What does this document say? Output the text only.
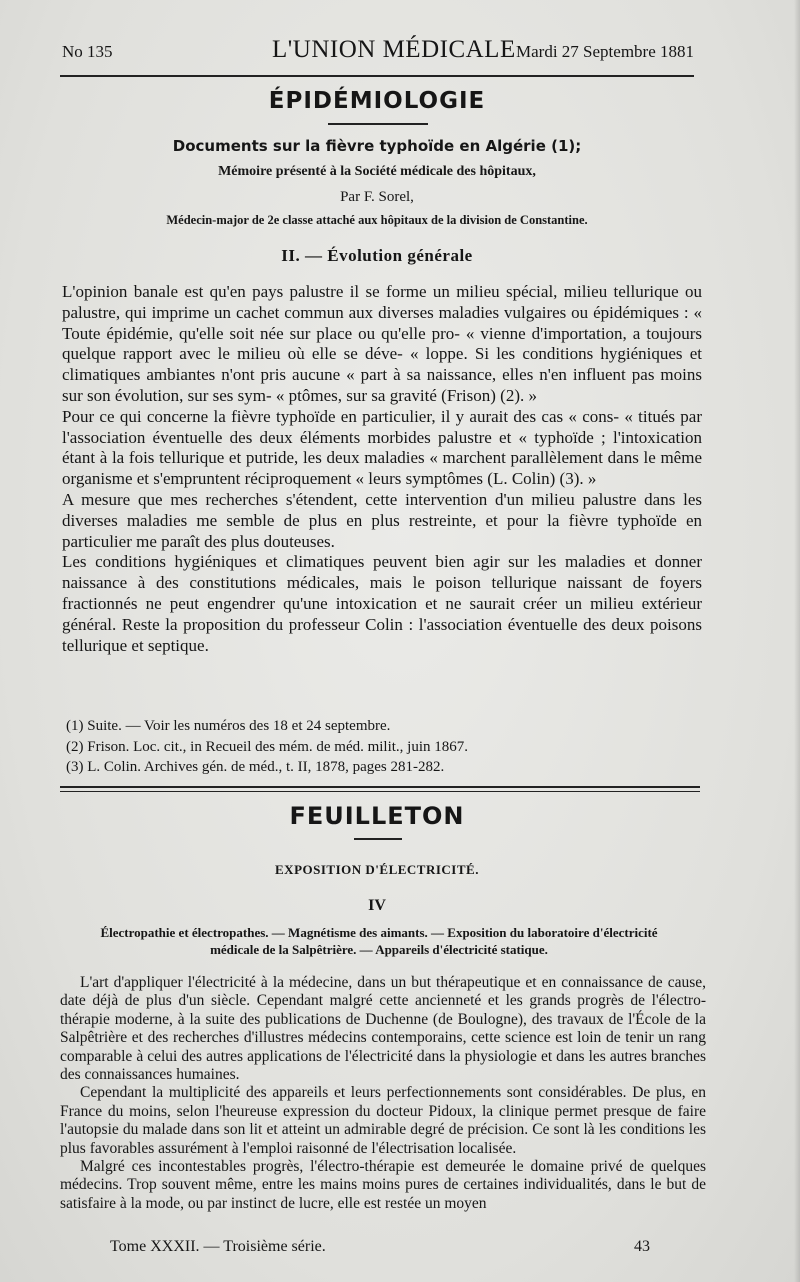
No 135	L'UNION MÉDICALE Mardi 27 Septembre 1881
ÉPIDÉMIOLOGIE
Documents sur la fièvre typhoïde en Algérie (1);
Mémoire présenté à la Société médicale des hôpitaux,
Par F. Sorel,
Médecin-major de 2e classe attaché aux hôpitaux de la division de Constantine.
II. — Évolution générale

L'opinion banale est qu'en pays palustre il se forme un milieu spécial, milieu tellurique ou palustre, qui imprime un cachet commun aux diverses maladies vulgaires ou épidémiques : « Toute épidémie, qu'elle soit née sur place ou qu'elle pro- « vienne d'importation, a toujours quelque rapport avec le milieu où elle se déve- « loppe. Si les conditions hygiéniques et climatiques ambiantes n'ont pris aucune « part à sa naissance, elles n'en influent pas moins sur son évolution, sur ses sym- « ptômes, sur sa gravité (Frison) (2). »

Pour ce qui concerne la fièvre typhoïde en particulier, il y aurait des cas « cons- « titués par l'association éventuelle des deux éléments morbides palustre et « typhoïde ; l'intoxication étant à la fois tellurique et putride, les deux maladies « marchent parallèlement dans le même organisme et s'empruntent réciproquement « leurs symptômes (L. Colin) (3). »

A mesure que mes recherches s'étendent, cette intervention d'un milieu palustre dans les diverses maladies me semble de plus en plus restreinte, et pour la fièvre typhoïde en particulier me paraît des plus douteuses.

Les conditions hygiéniques et climatiques peuvent bien agir sur les maladies et donner naissance à des constitutions médicales, mais le poison tellurique naissant de foyers fractionnés ne peut engendrer qu'une intoxication et ne saurait créer un milieu extérieur général. Reste la proposition du professeur Colin : l'association éventuelle des deux poisons tellurique et septique.

(1) Suite. — Voir les numéros des 18 et 24 septembre.
(2) Frison. Loc. cit., in Recueil des mém. de méd. milit., juin 1867.
(3) L. Colin. Archives gén. de méd., t. II, 1878, pages 281-282.
FEUILLETON
EXPOSITION D'ÉLECTRICITÉ.
IV
Électropathie et électropathes. — Magnétisme des aimants. — Exposition du laboratoire d'électricité
médicale de la Salpêtrière. — Appareils d'électricité statique.

L'art d'appliquer l'électricité à la médecine, dans un but thérapeutique et en connaissance de cause, date déjà de plus d'un siècle. Cependant malgré cette ancienneté et les grands progrès de l'électro-thérapie moderne, à la suite des publications de Duchenne (de Boulogne), des travaux de l'École de la Salpêtrière et des recherches d'illustres médecins contemporains, cette science est loin de tenir un rang comparable à celui des autres applications de l'électricité dans la physiologie et dans les autres branches des connaissances humaines.

Cependant la multiplicité des appareils et leurs perfectionnements sont considérables. De plus, en France du moins, selon l'heureuse expression du docteur Pidoux, la clinique permet presque de faire l'autopsie du malade dans son lit et atteint un admirable degré de précision. Ce sont là les conditions les plus favorables assurément à l'emploi raisonné de l'électrisation localisée.

Malgré ces incontestables progrès, l'électro-thérapie est demeurée le domaine privé de quelques médecins. Trop souvent même, entre les mains moins pures de certaines individualités, dans le but de satisfaire à la mode, ou par instinct de lucre, elle est restée un moyen

Tome XXXII. — Troisième série.	43
